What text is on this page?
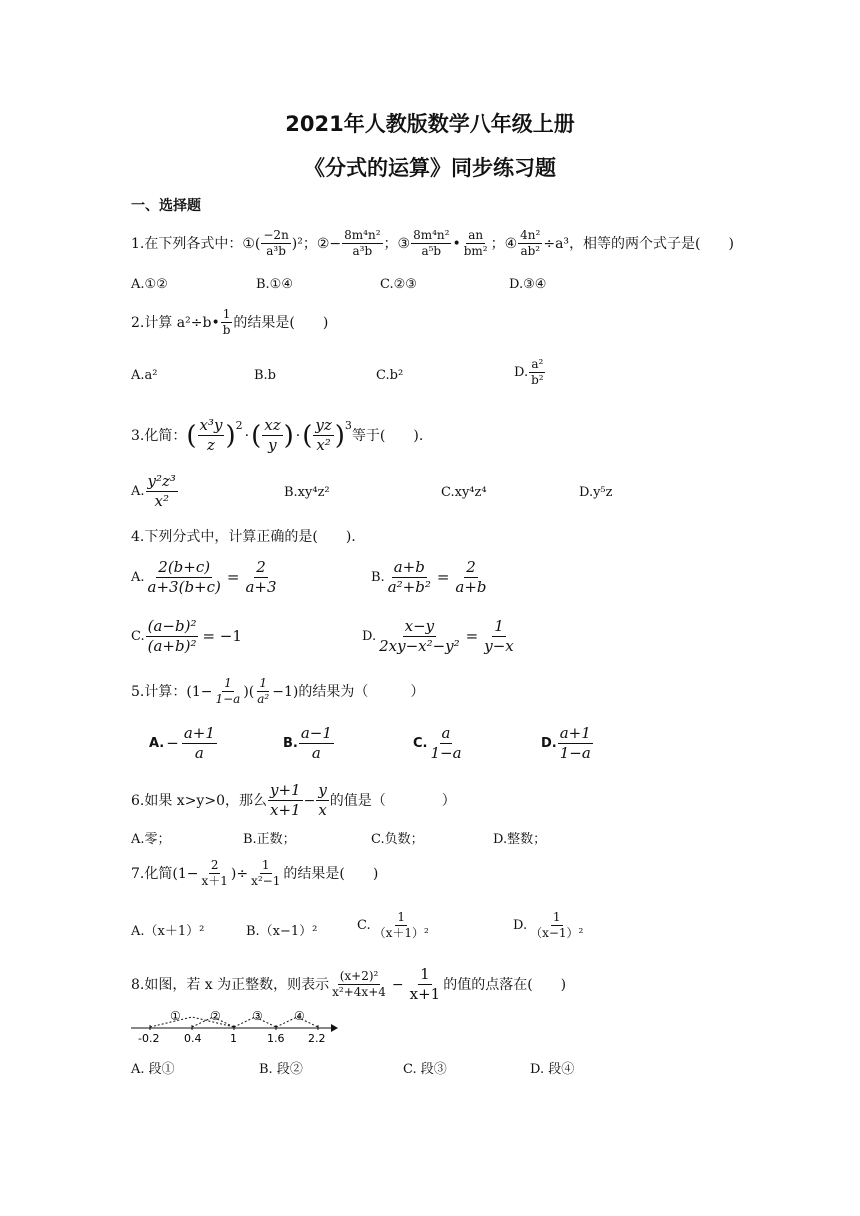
2021年人教版数学八年级上册
《分式的运算》同步练习题
一、选择题
1.在下列各式中： ①( $\frac{-2n}{\text{a³b}} )^2$； ②− $\frac{\text{8m⁴n²}}{\text{a³b}}$ ； ③ $\frac{\text{8m⁴n²}}{\text{a⁵b}}$ • $\frac{an}{\text{bm²}}$ ； ④ $\frac{\text{4n²}}{\text{ab²}} \div a^3$ ，相等的两个式子是(　　)
A.①②	B.①④	C.②③	D.③④
2.计算 a²÷b• $\frac{1}{b}$ 的结果是(　　)
A.a²	B.b	C.b²	D. $\frac{\text{a²}}{\text{b²}}$
3.化简： ( $\frac{\text{x³y}}{z} )^2$
· ( $\frac{xz}{y}$ ) · ( $\frac{yz}{\text{x²}} )^3$
等于(　　).
A. $\frac{\text{y²z³}}{\text{x²}}$	B.xy⁴z²	C.xy⁴z⁴	D.y⁵z
4.下列分式中，计算正确的是(　　).
A. $\frac{2(b+c)}{a+3(b+c)} = \frac{2}{a+3}$	B. $\frac{a+b}{\text{a²+b²}} = \frac{2}{a+b}$
C. $\frac{\text{(a−b)²}}{\text{(a+b)²}} = -1$	D. $\frac{x-y}{\text{2xy−x²−y²}} = \frac{1}{y-x}$
5.计算：($1- \frac{1}{1-a}$ )( $\frac{1}{\text{a²}} -1$) 的结果为（　　　）
A. − $\frac{a+1}{a}$	B. $\frac{a-1}{a}$	C. $\frac{a}{1-a}$	D. $\frac{a+1}{1-a}$
6.如果 x>y>0，那么 $\frac{y+1}{x+1} - \frac{y}{x}$ 的值是（　　　　）
A.零；	B.正数；	C.负数；	D.整数；
7.化简($1- \frac{2}{x+1}$ )÷ $\frac{1}{\text{x²−1}}$ 的结果是(　　)
A.（x＋1）²	B.（x−1）²	C. $\frac{1}{\text{（x＋1）²}}$	D. $\frac{1}{\text{（x−1）²}}$
8.如图，若 x 为正整数，则表示 $\frac{\text{(x+2)²}}{\text{x²+4x+4}} - \frac{1}{x+1}$ 的值的点落在(　　)
① ②	③	④
-0.2 0.4	1	1.6 2.2
A. 段①	B. 段②	C. 段③	D. 段④
